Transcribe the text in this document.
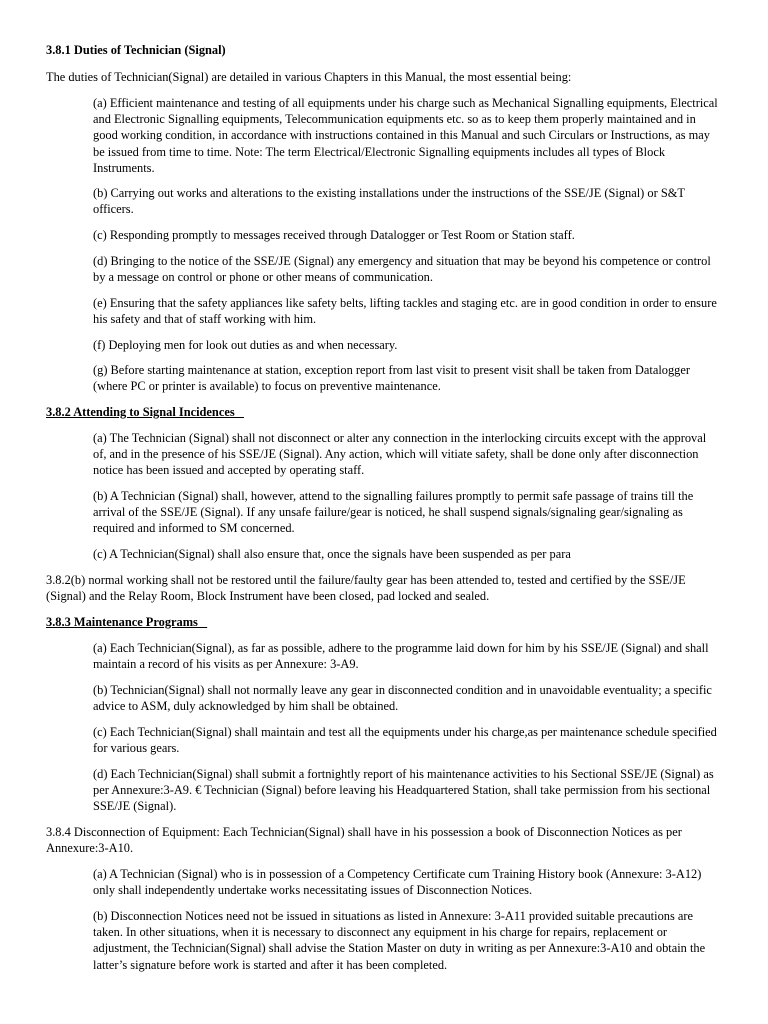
3.8.1 Duties of Technician (Signal)
The duties of Technician(Signal) are detailed in various Chapters in this Manual, the most essential being:
(a) Efficient maintenance and testing of all equipments under his charge such as Mechanical Signalling equipments, Electrical and Electronic Signalling equipments, Telecommunication equipments etc. so as to keep them properly maintained and in good working condition, in accordance with instructions contained in this Manual and such Circulars or Instructions, as may be issued from time to time. Note: The term Electrical/Electronic Signalling equipments includes all types of Block Instruments.
(b) Carrying out works and alterations to the existing installations under the instructions of the SSE/JE (Signal) or S&T officers.
(c) Responding promptly to messages received through Datalogger or Test Room or Station staff.
(d) Bringing to the notice of the SSE/JE (Signal) any emergency and situation that may be beyond his competence or control by a message on control or phone or other means of communication.
(e) Ensuring that the safety appliances like safety belts, lifting tackles and staging etc. are in good condition in order to ensure his safety and that of staff working with him.
(f) Deploying men for look out duties as and when necessary.
(g) Before starting maintenance at station, exception report from last visit to present visit shall be taken from Datalogger (where PC or printer is available) to focus on preventive maintenance.
3.8.2 Attending to Signal Incidences
(a) The Technician (Signal) shall not disconnect or alter any connection in the interlocking circuits except with the approval of, and in the presence of his SSE/JE (Signal). Any action, which will vitiate safety, shall be done only after disconnection notice has been issued and accepted by operating staff.
(b) A Technician (Signal) shall, however, attend to the signalling failures promptly to permit safe passage of trains till the arrival of the SSE/JE (Signal). If any unsafe failure/gear is noticed, he shall suspend signals/signaling gear/signaling as required and informed to SM concerned.
(c) A Technician(Signal) shall also ensure that, once the signals have been suspended as per para
3.8.2(b) normal working shall not be restored until the failure/faulty gear has been attended to, tested and certified by the SSE/JE (Signal) and the Relay Room, Block Instrument have been closed, pad locked and sealed.
3.8.3 Maintenance Programs
(a) Each Technician(Signal), as far as possible, adhere to the programme laid down for him by his SSE/JE (Signal) and shall maintain a record of his visits as per Annexure: 3-A9.
(b) Technician(Signal) shall not normally leave any gear in disconnected condition and in unavoidable eventuality; a specific advice to ASM, duly acknowledged by him shall be obtained.
(c) Each Technician(Signal) shall maintain and test all the equipments under his charge,as per maintenance schedule specified for various gears.
(d) Each Technician(Signal) shall submit a fortnightly report of his maintenance activities to his Sectional SSE/JE (Signal) as per Annexure:3-A9. € Technician (Signal) before leaving his Headquartered Station, shall take permission from his sectional SSE/JE (Signal).
3.8.4 Disconnection of Equipment: Each Technician(Signal) shall have in his possession a book of Disconnection Notices as per Annexure:3-A10.
(a) A Technician (Signal) who is in possession of a Competency Certificate cum Training History book (Annexure: 3-A12) only shall independently undertake works necessitating issues of Disconnection Notices.
(b) Disconnection Notices need not be issued in situations as listed in Annexure: 3-A11 provided suitable precautions are taken. In other situations, when it is necessary to disconnect any equipment in his charge for repairs, replacement or adjustment, the Technician(Signal) shall advise the Station Master on duty in writing as per Annexure:3-A10 and obtain the latter’s signature before work is started and after it has been completed.
